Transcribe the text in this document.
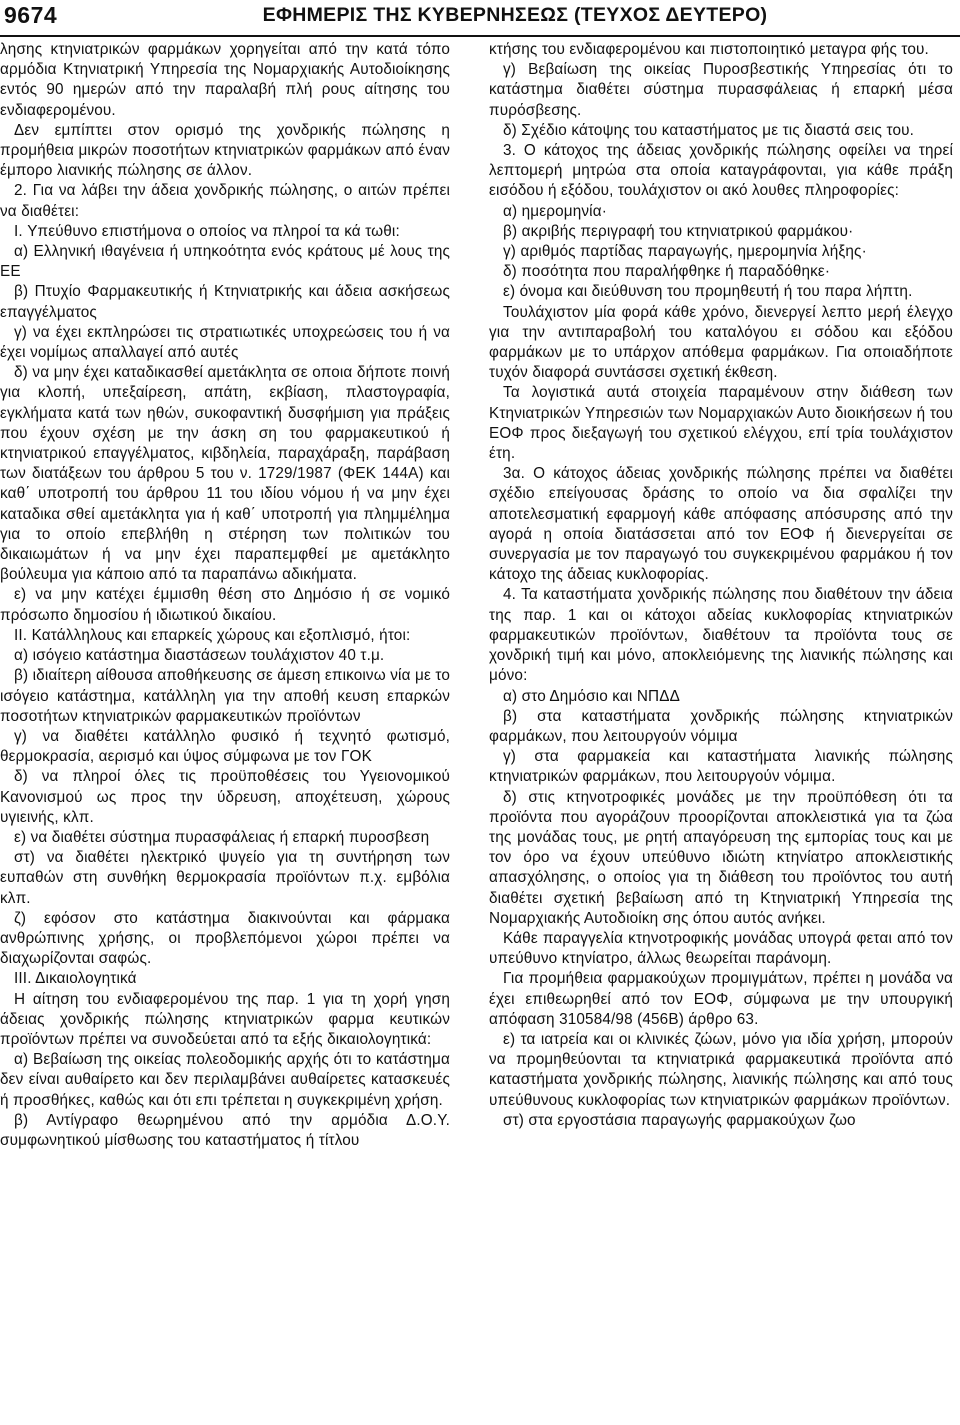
9674	ΕΦΗΜΕΡΙΣ ΤΗΣ ΚΥΒΕΡΝΗΣΕΩΣ (ΤΕΥΧΟΣ ΔΕΥΤΕΡΟ)

λησης κτηνιατρικών φαρμάκων χορηγείται από την κατά τόπο αρμόδια Κτηνιατρική Υπηρεσία της Νομαρχιακής Αυτοδιοίκησης εντός 90 ημερών από την παραλαβή πλή ρους αίτησης του ενδιαφερομένου.

Δεν εμπίπτει στον ορισμό της χονδρικής πώλησης η προμήθεια μικρών ποσοτήτων κτηνιατρικών φαρμάκων από έναν έμπορο λιανικής πώλησης σε άλλον.

2. Για να λάβει την άδεια χονδρικής πώλησης, ο αιτών πρέπει να διαθέτει:

I. Υπεύθυνο επιστήμονα ο οποίος να πληροί τα κά τωθι:

α) Ελληνική ιθαγένεια ή υπηκοότητα ενός κράτους μέ λους της ΕΕ

β) Πτυχίο Φαρμακευτικής ή Κτηνιατρικής και άδεια ασκήσεως επαγγέλματος

γ) να έχει εκπληρώσει τις στρατιωτικές υποχρεώσεις του ή να έχει νομίμως απαλλαγεί από αυτές

δ) να μην έχει καταδικασθεί αμετάκλητα σε οποια δήποτε ποινή για κλοπή, υπεξαίρεση, απάτη, εκβίαση, πλαστογραφία, εγκλήματα κατά των ηθών, συκοφαντική δυσφήμιση για πράξεις που έχουν σχέση με την άσκη ση του φαρμακευτικού ή κτηνιατρικού επαγγέλματος, κιβδηλεία, παραχάραξη, παράβαση των διατάξεων του άρθρου 5 του ν. 1729/1987 (ΦΕΚ 144Α) και καθ΄ υποτροπή του άρθρου 11 του ιδίου νόμου ή να μην έχει καταδικα σθεί αμετάκλητα για ή καθ΄ υποτροπή για πλημμέλημα για το οποίο επεβλήθη η στέρηση των πολιτικών του δικαιωμάτων ή να μην έχει παραπεμφθεί με αμετάκλητο βούλευμα για κάποιο από τα παραπάνω αδικήματα.

ε) να μην κατέχει έμμισθη θέση στο Δημόσιο ή σε νομικό πρόσωπο δημοσίου ή ιδιωτικού δικαίου.

ΙΙ. Κατάλληλους και επαρκείς χώρους και εξοπλισμό, ήτοι:

α) ισόγειο κατάστημα διαστάσεων τουλάχιστον 40 τ.μ.

β) ιδιαίτερη αίθουσα αποθήκευσης σε άμεση επικοινω νία με το ισόγειο κατάστημα, κατάλληλη για την αποθή κευση επαρκών ποσοτήτων κτηνιατρικών φαρμακευτικών προϊόντων

γ) να διαθέτει κατάλληλο φυσικό ή τεχνητό φωτισμό, θερμοκρασία, αερισμό και ύψος σύμφωνα με τον ΓΟΚ

δ) να πληροί όλες τις προϋποθέσεις του Υγειονομικού Κανονισμού ως προς την ύδρευση, αποχέτευση, χώρους υγιεινής, κλπ.

ε) να διαθέτει σύστημα πυρασφάλειας ή επαρκή πυροσβεση

στ) να διαθέτει ηλεκτρικό ψυγείο για τη συντήρηση των ευπαθών στη συνθήκη θερμοκρασία προϊόντων π.χ. εμβόλια κλπ.

ζ) εφόσον στο κατάστημα διακινούνται και φάρμακα ανθρώπινης χρήσης, οι προβλεπόμενοι χώροι πρέπει να διαχωρίζονται σαφώς.

ΙΙΙ. Δικαιολογητικά

Η αίτηση του ενδιαφερομένου της παρ. 1 για τη χορή γηση άδειας χονδρικής πώλησης κτηνιατρικών φαρμα κευτικών προϊόντων πρέπει να συνοδεύεται από τα εξής δικαιολογητικά:

α) Βεβαίωση της οικείας πολεοδομικής αρχής ότι το κατάστημα δεν είναι αυθαίρετο και δεν περιλαμβάνει αυθαίρετες κατασκευές ή προσθήκες, καθώς και ότι επι τρέπεται η συγκεκριμένη χρήση.

β) Αντίγραφο θεωρημένου από την αρμόδια Δ.Ο.Υ. συμφωνητικού μίσθωσης του καταστήματος ή τίτλου

κτήσης του ενδιαφερομένου και πιστοποιητικό μεταγρα φής του.

γ) Βεβαίωση της οικείας Πυροσβεστικής Υπηρεσίας ότι το κατάστημα διαθέτει σύστημα πυρασφάλειας ή επαρκή μέσα πυρόσβεσης.

δ) Σχέδιο κάτοψης του καταστήματος με τις διαστά σεις του.

3. Ο κάτοχος της άδειας χονδρικής πώλησης οφείλει να τηρεί λεπτομερή μητρώα στα οποία καταγράφονται, για κάθε πράξη εισόδου ή εξόδου, τουλάχιστον οι ακό λουθες πληροφορίες:

α) ημερομηνία·

β) ακριβής περιγραφή του κτηνιατρικού φαρμάκου·

γ) αριθμός παρτίδας παραγωγής, ημερομηνία λήξης·

δ) ποσότητα που παραλήφθηκε ή παραδόθηκε·

ε) όνομα και διεύθυνση του προμηθευτή ή του παρα λήπτη.

Τουλάχιστον μία φορά κάθε χρόνο, διενεργεί λεπτο μερή έλεγχο για την αντιπαραβολή του καταλόγου ει σόδου και εξόδου φαρμάκων με το υπάρχον απόθεμα φαρμάκων. Για οποιαδήποτε τυχόν διαφορά συντάσσει σχετική έκθεση.

Τα λογιστικά αυτά στοιχεία παραμένουν στην διάθεση των Κτηνιατρικών Υπηρεσιών των Νομαρχιακών Αυτο διοικήσεων ή του ΕΟΦ προς διεξαγωγή του σχετικού ελέγχου, επί τρία τουλάχιστον έτη.

3α. Ο κάτοχος άδειας χονδρικής πώλησης πρέπει να διαθέτει σχέδιο επείγουσας δράσης το οποίο να δια σφαλίζει την αποτελεσματική εφαρμογή κάθε απόφασης απόσυρσης από την αγορά η οποία διατάσσεται από τον ΕΟΦ ή διενεργείται σε συνεργασία με τον παραγωγό του συγκεκριμένου φαρμάκου ή τον κάτοχο της άδειας κυκλοφορίας.

4. Τα καταστήματα χονδρικής πώλησης που διαθέτουν την άδεια της παρ. 1 και οι κάτοχοι αδείας κυκλοφορίας κτηνιατρικών φαρμακευτικών προϊόντων, διαθέτουν τα προϊόντα τους σε χονδρική τιμή και μόνο, αποκλειόμενης της λιανικής πώλησης και μόνο:

α) στο Δημόσιο και ΝΠΔΔ

β) στα καταστήματα χονδρικής πώλησης κτηνιατρικών φαρμάκων, που λειτουργούν νόμιμα

γ) στα φαρμακεία και καταστήματα λιανικής πώλησης κτηνιατρικών φαρμάκων, που λειτουργούν νόμιμα.

δ) στις κτηνοτροφικές μονάδες με την προϋπόθεση ότι τα προϊόντα που αγοράζουν προορίζονται αποκλειστικά για τα ζώα της μονάδας τους, με ρητή απαγόρευση της εμπορίας τους και με τον όρο να έχουν υπεύθυνο ιδιώτη κτηνίατρο αποκλειστικής απασχόλησης, ο οποίος για τη διάθεση του προϊόντος του αυτή διαθέτει σχετική βεβαίωση από τη Κτηνιατρική Υπηρεσία της Νομαρχιακής Αυτοδιοίκη σης όπου αυτός ανήκει.

Κάθε παραγγελία κτηνοτροφικής μονάδας υπογρά φεται από τον υπεύθυνο κτηνίατρο, άλλως θεωρείται παράνομη.

Για προμήθεια φαρμακούχων προμιγμάτων, πρέπει η μονάδα να έχει επιθεωρηθεί από τον ΕΟΦ, σύμφωνα με την υπουργική απόφαση 310584/98 (456Β) άρθρο 63.

ε) τα ιατρεία και οι κλινικές ζώων, μόνο για ιδία χρήση, μπορούν να προμηθεύονται τα κτηνιατρικά φαρμακευτικά προϊόντα από καταστήματα χονδρικής πώλησης, λιανικής πώλησης και από τους υπεύθυνους κυκλοφορίας των κτηνιατρικών φαρμάκων προϊόντων.

στ) στα εργοστάσια παραγωγής φαρμακούχων ζωο
